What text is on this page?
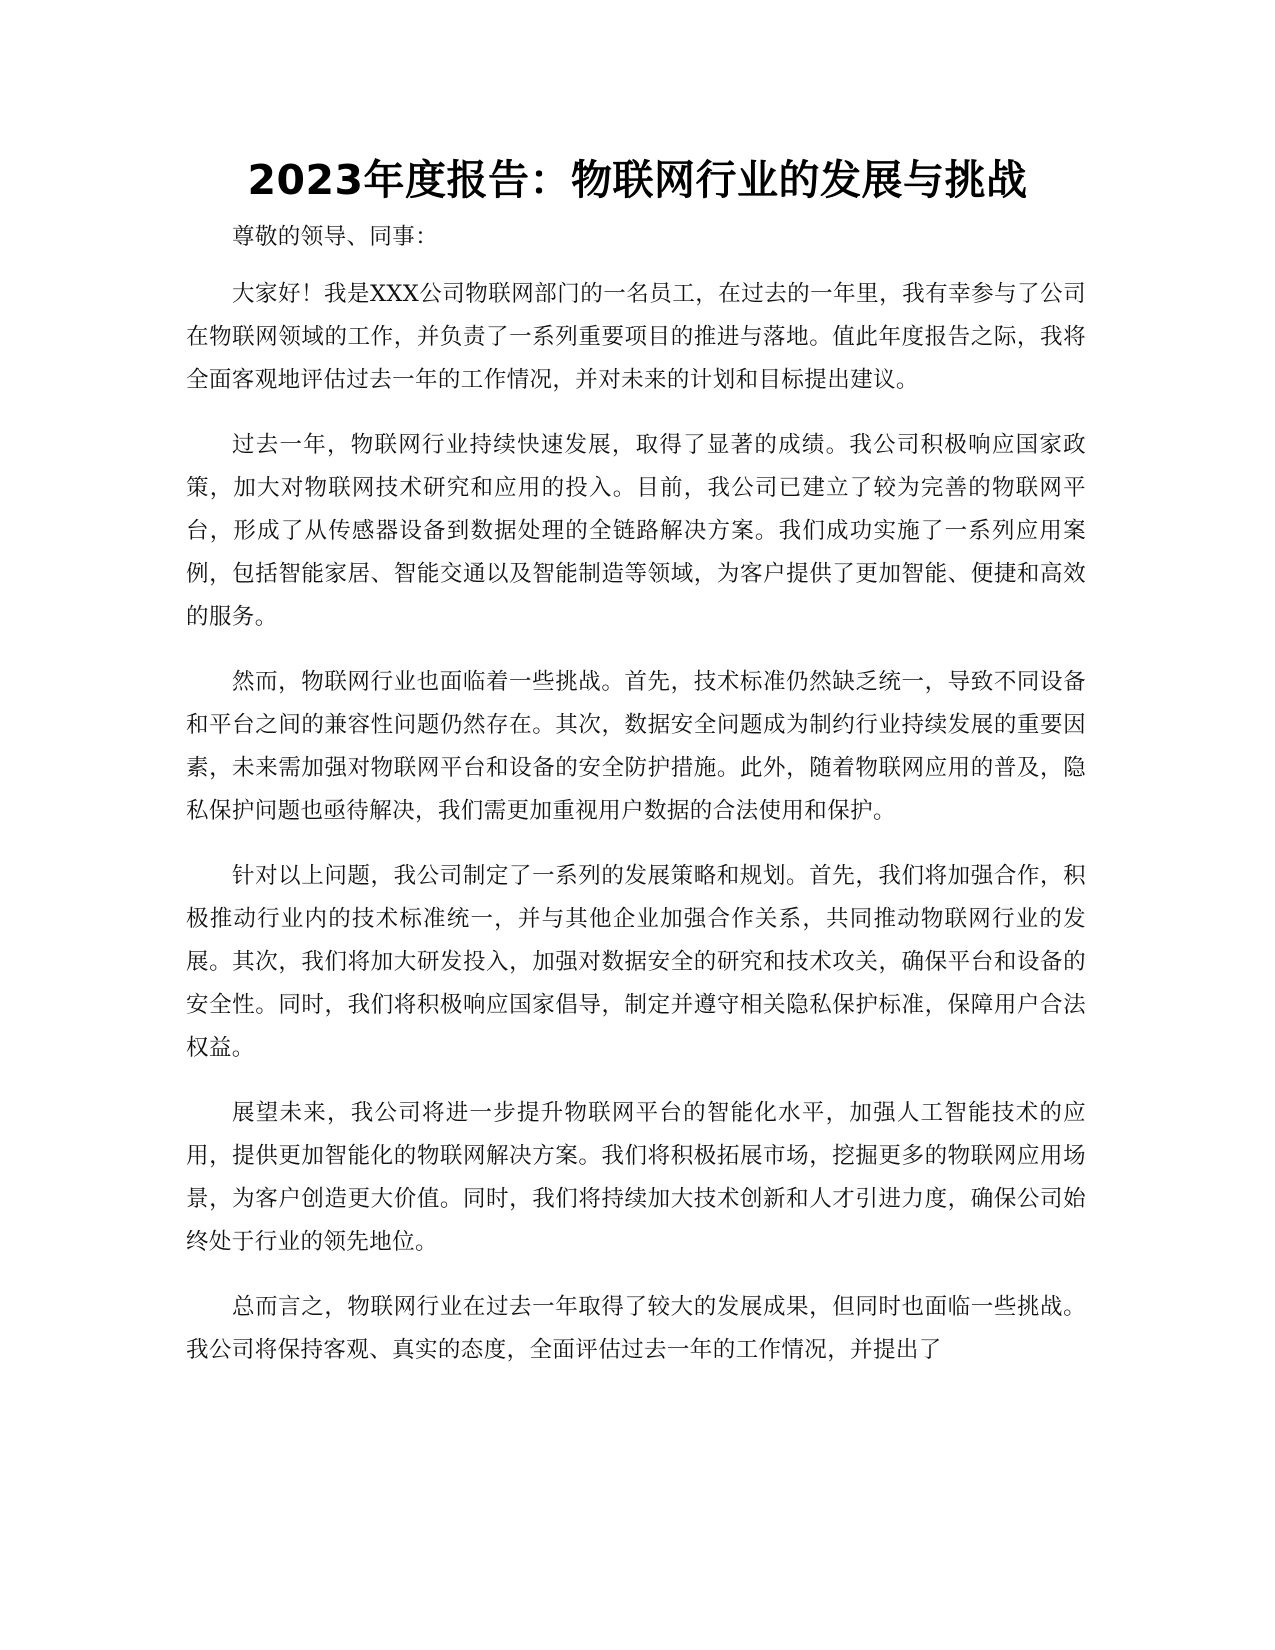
2023年度报告：物联网行业的发展与挑战

尊敬的领导、同事：

大家好！我是XXX公司物联网部门的一名员工，在过去的一年里，我有幸参与了公司在物联网领域的工作，并负责了一系列重要项目的推进与落地。值此年度报告之际，我将全面客观地评估过去一年的工作情况，并对未来的计划和目标提出建议。

过去一年，物联网行业持续快速发展，取得了显著的成绩。我公司积极响应国家政策，加大对物联网技术研究和应用的投入。目前，我公司已建立了较为完善的物联网平台，形成了从传感器设备到数据处理的全链路解决方案。我们成功实施了一系列应用案例，包括智能家居、智能交通以及智能制造等领域，为客户提供了更加智能、便捷和高效的服务。

然而，物联网行业也面临着一些挑战。首先，技术标准仍然缺乏统一，导致不同设备和平台之间的兼容性问题仍然存在。其次，数据安全问题成为制约行业持续发展的重要因素，未来需加强对物联网平台和设备的安全防护措施。此外，随着物联网应用的普及，隐私保护问题也亟待解决，我们需更加重视用户数据的合法使用和保护。

针对以上问题，我公司制定了一系列的发展策略和规划。首先，我们将加强合作，积极推动行业内的技术标准统一，并与其他企业加强合作关系，共同推动物联网行业的发展。其次，我们将加大研发投入，加强对数据安全的研究和技术攻关，确保平台和设备的安全性。同时，我们将积极响应国家倡导，制定并遵守相关隐私保护标准，保障用户合法权益。

展望未来，我公司将进一步提升物联网平台的智能化水平，加强人工智能技术的应用，提供更加智能化的物联网解决方案。我们将积极拓展市场，挖掘更多的物联网应用场景，为客户创造更大价值。同时，我们将持续加大技术创新和人才引进力度，确保公司始终处于行业的领先地位。

总而言之，物联网行业在过去一年取得了较大的发展成果，但同时也面临一些挑战。我公司将保持客观、真实的态度，全面评估过去一年的工作情况，并提出了
